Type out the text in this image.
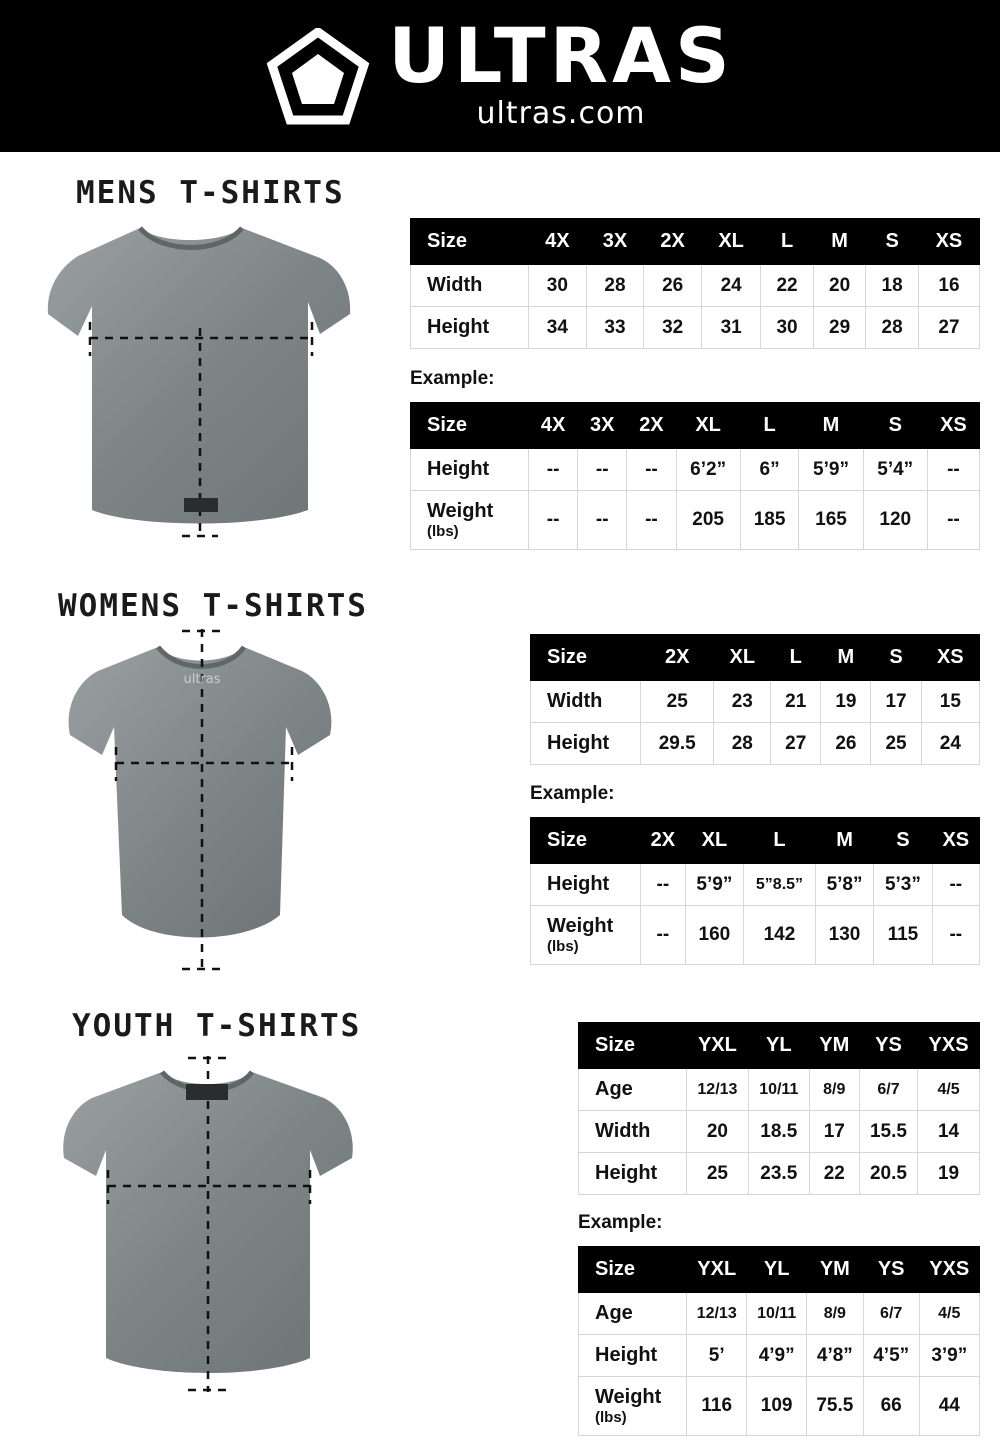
ULTRAS
ultras.com
MENS T-SHIRTS
Size	4X	3X	2X	XL	L	M	S	XS
Width	30	28	26	24	22	20	18	16
Height	34	33	32	31	30	29	28	27
Example:
Size	4X	3X	2X	XL	L	M	S	XS
Height	--	--	--	6’2”	6”	5’9”	5’4”	--
Weight
(lbs)	--	--	--	205	185	165	120	--
WOMENS T-SHIRTS
ultras
Size	2X	XL	L	M	S	XS
Width	25	23	21	19	17	15
Height	29.5	28	27	26	25	24
Example:
Size	2X	XL	L	M	S	XS
Height	--	5’9”	5”8.5”	5’8”	5’3”	--
Weight
(lbs)	--	160	142	130	115	--
YOUTH T-SHIRTS
Size	YXL	YL	YM	YS	YXS
Age	12/13	10/11	8/9	6/7	4/5
Width	20	18.5	17	15.5	14
Height	25	23.5	22	20.5	19
Example:
Size	YXL	YL	YM	YS	YXS
Age	12/13	10/11	8/9	6/7	4/5
Height	5’	4’9”	4’8”	4’5”	3’9”
Weight
(lbs)	116	109	75.5	66	44
